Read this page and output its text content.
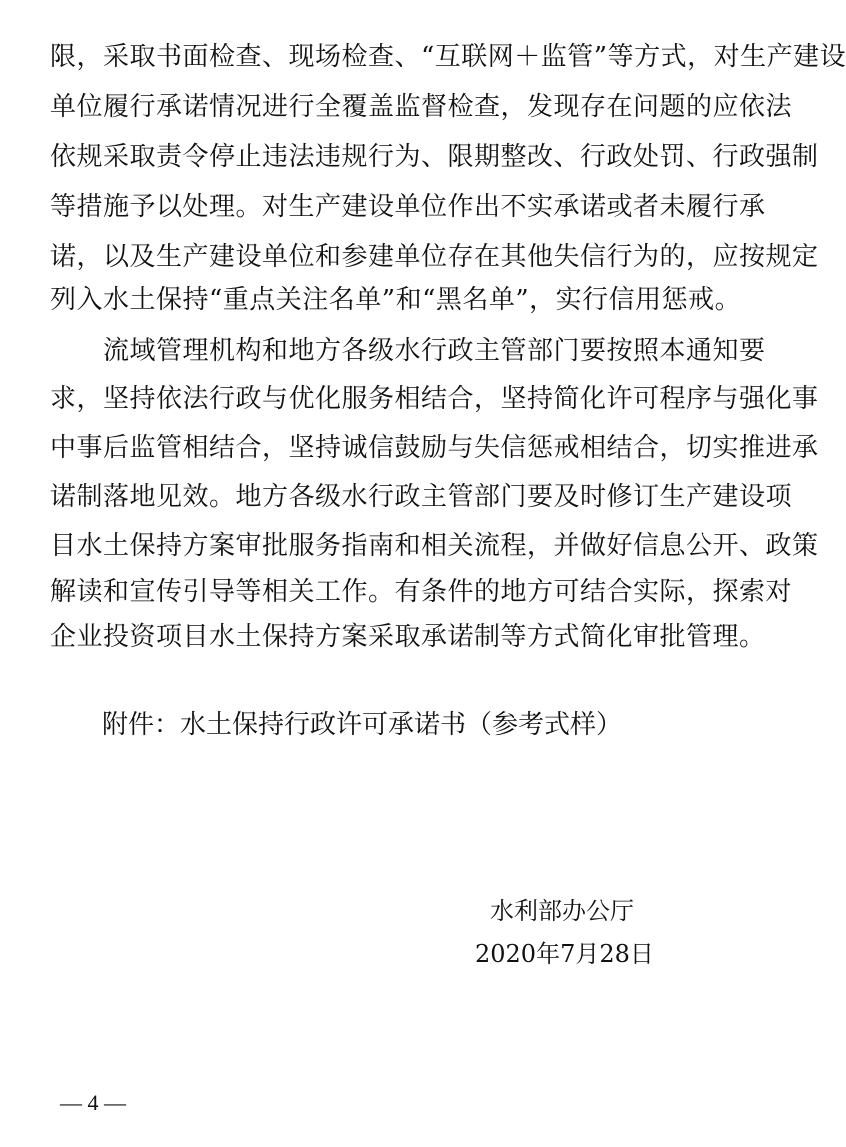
限，采取书面检查、现场检查、“互联网＋监管”等方式，对生产建设
单位履行承诺情况进行全覆盖监督检查，发现存在问题的应依法
依规采取责令停止违法违规行为、限期整改、行政处罚、行政强制
等措施予以处理。对生产建设单位作出不实承诺或者未履行承
诺，以及生产建设单位和参建单位存在其他失信行为的，应按规定
列入水土保持“重点关注名单”和“黑名单”，实行信用惩戒。
　　流域管理机构和地方各级水行政主管部门要按照本通知要
求，坚持依法行政与优化服务相结合，坚持简化许可程序与强化事
中事后监管相结合，坚持诚信鼓励与失信惩戒相结合，切实推进承
诺制落地见效。地方各级水行政主管部门要及时修订生产建设项
目水土保持方案审批服务指南和相关流程，并做好信息公开、政策
解读和宣传引导等相关工作。有条件的地方可结合实际，探索对
企业投资项目水土保持方案采取承诺制等方式简化审批管理。
附件：水土保持行政许可承诺书（参考式样）
水利部办公厅
2020年7月28日
— 4 —
